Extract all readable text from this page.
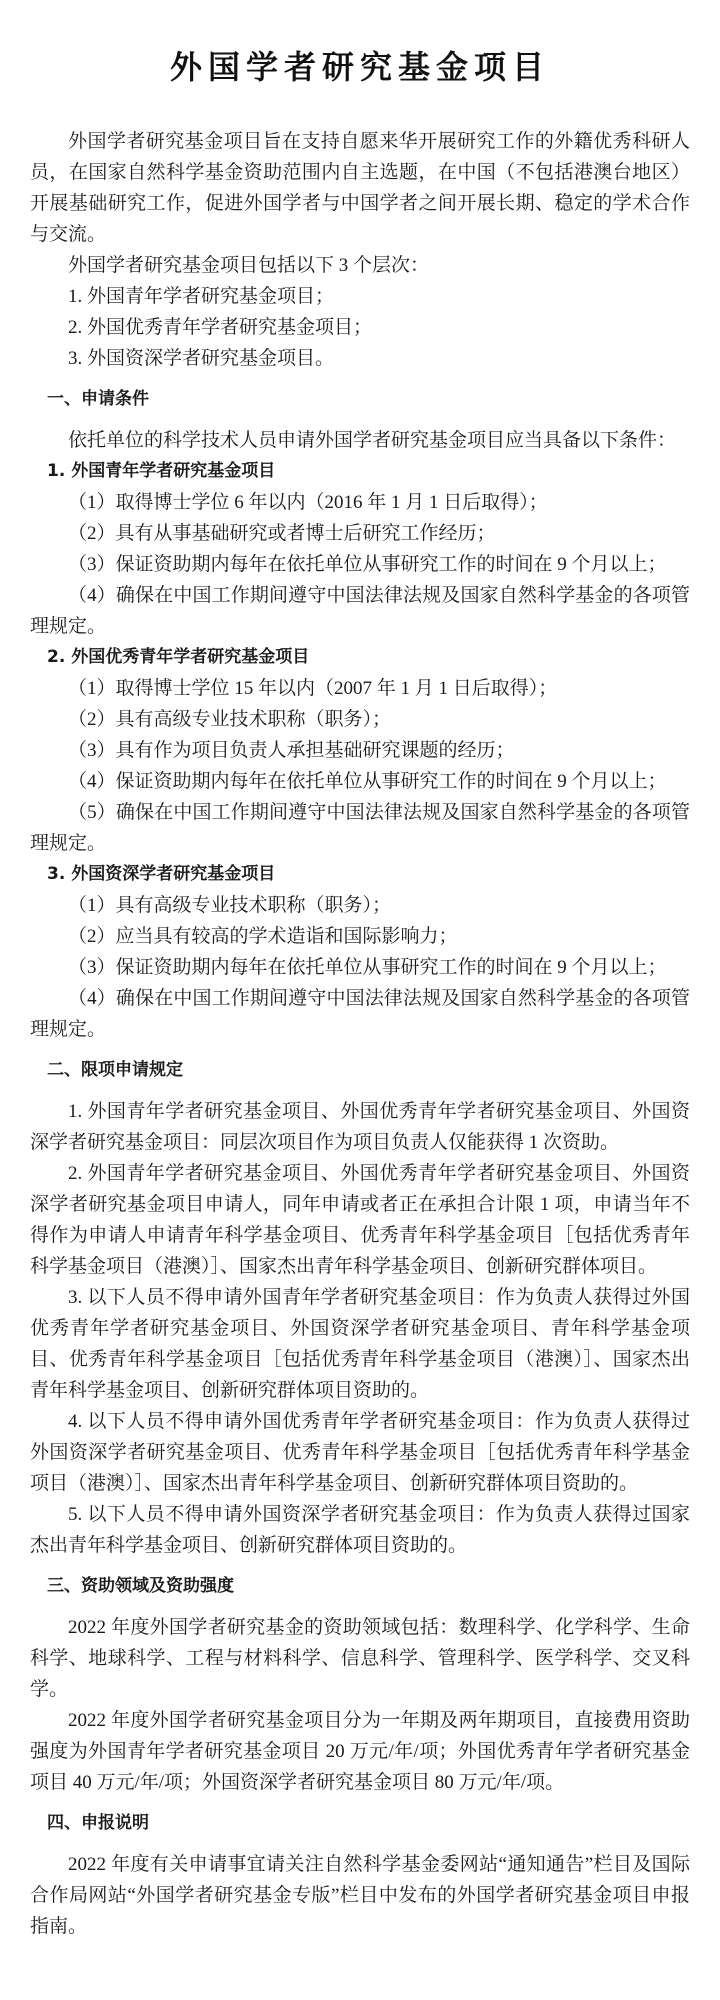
外国学者研究基金项目

外国学者研究基金项目旨在支持自愿来华开展研究工作的外籍优秀科研人员，在国家自然科学基金资助范围内自主选题，在中国（不包括港澳台地区）开展基础研究工作，促进外国学者与中国学者之间开展长期、稳定的学术合作与交流。

外国学者研究基金项目包括以下 3 个层次：

1. 外国青年学者研究基金项目；

2. 外国优秀青年学者研究基金项目；

3. 外国资深学者研究基金项目。

一、申请条件

依托单位的科学技术人员申请外国学者研究基金项目应当具备以下条件：

1. 外国青年学者研究基金项目

（1）取得博士学位 6 年以内（2016 年 1 月 1 日后取得）；

（2）具有从事基础研究或者博士后研究工作经历；

（3）保证资助期内每年在依托单位从事研究工作的时间在 9 个月以上；

（4）确保在中国工作期间遵守中国法律法规及国家自然科学基金的各项管理规定。

2. 外国优秀青年学者研究基金项目

（1）取得博士学位 15 年以内（2007 年 1 月 1 日后取得）；

（2）具有高级专业技术职称（职务）；

（3）具有作为项目负责人承担基础研究课题的经历；

（4）保证资助期内每年在依托单位从事研究工作的时间在 9 个月以上；

（5）确保在中国工作期间遵守中国法律法规及国家自然科学基金的各项管理规定。

3. 外国资深学者研究基金项目

（1）具有高级专业技术职称（职务）；

（2）应当具有较高的学术造诣和国际影响力；

（3）保证资助期内每年在依托单位从事研究工作的时间在 9 个月以上；

（4）确保在中国工作期间遵守中国法律法规及国家自然科学基金的各项管理规定。

二、限项申请规定

1. 外国青年学者研究基金项目、外国优秀青年学者研究基金项目、外国资深学者研究基金项目：同层次项目作为项目负责人仅能获得 1 次资助。

2. 外国青年学者研究基金项目、外国优秀青年学者研究基金项目、外国资深学者研究基金项目申请人，同年申请或者正在承担合计限 1 项，申请当年不得作为申请人申请青年科学基金项目、优秀青年科学基金项目［包括优秀青年科学基金项目（港澳）］、国家杰出青年科学基金项目、创新研究群体项目。

3. 以下人员不得申请外国青年学者研究基金项目：作为负责人获得过外国优秀青年学者研究基金项目、外国资深学者研究基金项目、青年科学基金项目、优秀青年科学基金项目［包括优秀青年科学基金项目（港澳）］、国家杰出青年科学基金项目、创新研究群体项目资助的。

4. 以下人员不得申请外国优秀青年学者研究基金项目：作为负责人获得过外国资深学者研究基金项目、优秀青年科学基金项目［包括优秀青年科学基金项目（港澳）］、国家杰出青年科学基金项目、创新研究群体项目资助的。

5. 以下人员不得申请外国资深学者研究基金项目：作为负责人获得过国家杰出青年科学基金项目、创新研究群体项目资助的。

三、资助领域及资助强度

2022 年度外国学者研究基金的资助领域包括：数理科学、化学科学、生命科学、地球科学、工程与材料科学、信息科学、管理科学、医学科学、交叉科学。

2022 年度外国学者研究基金项目分为一年期及两年期项目，直接费用资助强度为外国青年学者研究基金项目 20 万元/年/项；外国优秀青年学者研究基金项目 40 万元/年/项；外国资深学者研究基金项目 80 万元/年/项。

四、申报说明

2022 年度有关申请事宜请关注自然科学基金委网站“通知通告”栏目及国际合作局网站“外国学者研究基金专版”栏目中发布的外国学者研究基金项目申报指南。
